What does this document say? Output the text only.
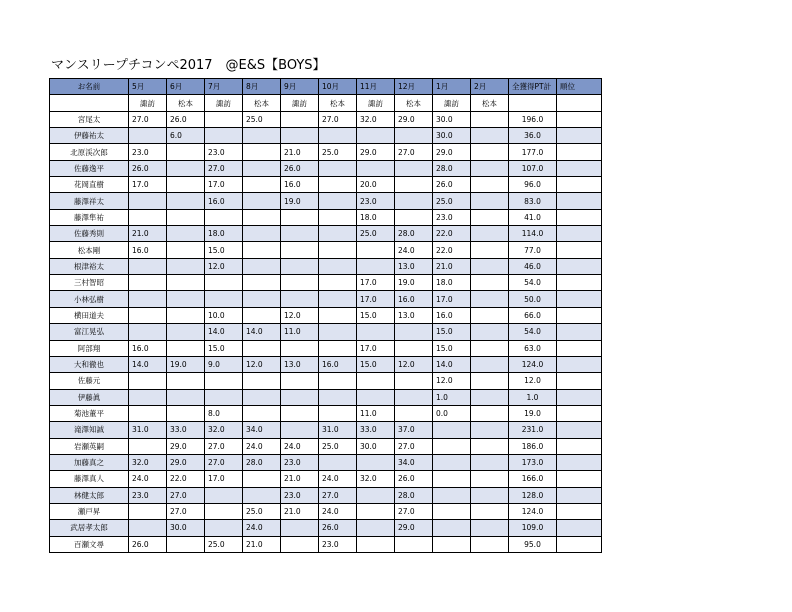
マンスリープチコンペ2017　@E&S【BOYS】
お名前	5月	6月	7月	8月	9月	10月	11月	12月	1月	2月	全獲得PT計	順位
	諏訪	松本	諏訪	松本	諏訪	松本	諏訪	松本	諏訪	松本		
宮尾太	27.0	26.0		25.0		27.0	32.0	29.0	30.0		196.0	
伊藤祐太		6.0							30.0		36.0	
北原渓次郎	23.0		23.0		21.0	25.0	29.0	27.0	29.0		177.0	
佐藤逸平	26.0		27.0		26.0				28.0		107.0	
花岡直樹	17.0		17.0		16.0		20.0		26.0		96.0	
藤澤祥太			16.0		19.0		23.0		25.0		83.0	
藤澤隼祐							18.0		23.0		41.0	
佐藤秀則	21.0		18.0				25.0	28.0	22.0		114.0	
松本剛	16.0		15.0					24.0	22.0		77.0	
根津裕太			12.0					13.0	21.0		46.0	
三村智昭							17.0	19.0	18.0		54.0	
小林弘樹							17.0	16.0	17.0		50.0	
横田道夫			10.0		12.0		15.0	13.0	16.0		66.0	
富江晃弘			14.0	14.0	11.0				15.0		54.0	
阿部翔	16.0		15.0				17.0		15.0		63.0	
大和徹也	14.0	19.0	9.0	12.0	13.0	16.0	15.0	12.0	14.0		124.0	
佐藤元									12.0		12.0	
伊藤眞									1.0		1.0	
菊池董平			8.0				11.0		0.0		19.0	
滝澤知誠	31.0	33.0	32.0	34.0		31.0	33.0	37.0			231.0	
岩瀬英嗣		29.0	27.0	24.0	24.0	25.0	30.0	27.0			186.0	
加藤真之	32.0	29.0	27.0	28.0	23.0			34.0			173.0	
藤澤真人	24.0	22.0	17.0		21.0	24.0	32.0	26.0			166.0	
林健太郎	23.0	27.0			23.0	27.0		28.0			128.0	
瀬戸昇		27.0		25.0	21.0	24.0		27.0			124.0	
武居孝太郎		30.0		24.0		26.0		29.0			109.0	
百瀬文尋	26.0		25.0	21.0		23.0					95.0	
